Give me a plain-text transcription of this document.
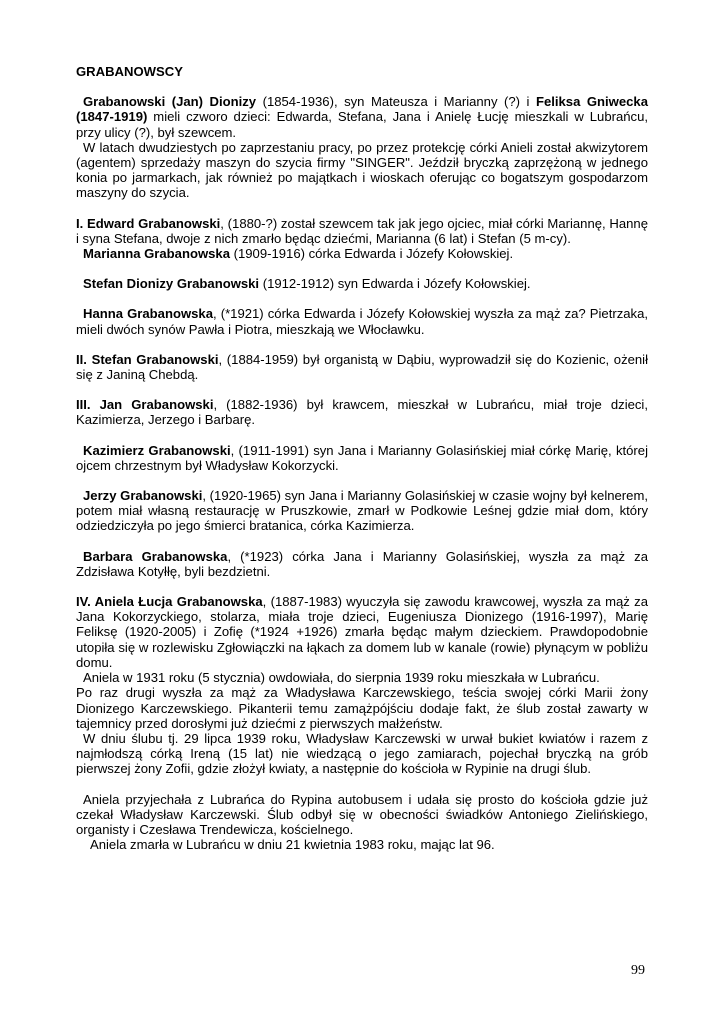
GRABANOWSCY

Grabanowski (Jan) Dionizy (1854-1936), syn Mateusza i Marianny (?) i Feliksa Gniwecka (1847-1919) mieli czworo dzieci: Edwarda, Stefana, Jana i Anielę Łucję mieszkali w Lubrańcu, przy ulicy (?), był szewcem.

W latach dwudziestych po zaprzestaniu pracy, po przez protekcję córki Anieli został akwizytorem (agentem) sprzedaży maszyn do szycia firmy "SINGER". Jeździł bryczką zaprzężoną w jednego konia po jarmarkach, jak również po majątkach i wioskach oferując co bogatszym gospodarzom maszyny do szycia.

I. Edward Grabanowski, (1880-?) został szewcem tak jak jego ojciec, miał córki Mariannę, Hannę i syna Stefana, dwoje z nich zmarło będąc dziećmi, Marianna (6 lat) i Stefan (5 m-cy).

Marianna Grabanowska (1909-1916) córka Edwarda i Józefy Kołowskiej.

Stefan Dionizy Grabanowski (1912-1912) syn Edwarda i Józefy Kołowskiej.

Hanna Grabanowska, (*1921) córka Edwarda i Józefy Kołowskiej wyszła za mąż za? Pietrzaka, mieli dwóch synów Pawła i Piotra, mieszkają we Włocławku.

II. Stefan Grabanowski, (1884-1959) był organistą w Dąbiu, wyprowadził się do Kozienic, ożenił się z Janiną Chebdą.

III. Jan Grabanowski, (1882-1936) był krawcem, mieszkał w Lubrańcu, miał troje dzieci, Kazimierza, Jerzego i Barbarę.

Kazimierz Grabanowski, (1911-1991) syn Jana i Marianny Golasińskiej miał córkę Marię, której ojcem chrzestnym był Władysław Kokorzycki.

Jerzy Grabanowski, (1920-1965) syn Jana i Marianny Golasińskiej w czasie wojny był kelnerem, potem miał własną restaurację w Pruszkowie, zmarł w Podkowie Leśnej gdzie miał dom, który odziedziczyła po jego śmierci bratanica, córka Kazimierza.

Barbara Grabanowska, (*1923) córka Jana i Marianny Golasińskiej, wyszła za mąż za Zdzisława Kotyłłę, byli bezdzietni.

IV. Aniela Łucja Grabanowska, (1887-1983) wyuczyła się zawodu krawcowej, wyszła za mąż za Jana Kokorzyckiego, stolarza, miała troje dzieci, Eugeniusza Dionizego (1916-1997), Marię Feliksę (1920-2005) i Zofię (*1924 +1926) zmarła będąc małym dzieckiem. Prawdopodobnie utopiła się w rozlewisku Zgłowiączki na łąkach za domem lub w kanale (rowie) płynącym w pobliżu domu.

Aniela w 1931 roku (5 stycznia) owdowiała, do sierpnia 1939 roku mieszkała w Lubrańcu.

Po raz drugi wyszła za mąż za Władysława Karczewskiego, teścia swojej córki Marii żony Dionizego Karczewskiego. Pikanterii temu zamążpójściu dodaje fakt, że ślub został zawarty w tajemnicy przed dorosłymi już dziećmi z pierwszych małżeństw.

W dniu ślubu tj. 29 lipca 1939 roku, Władysław Karczewski w urwał bukiet kwiatów i razem z najmłodszą córką Ireną (15 lat) nie wiedzącą o jego zamiarach, pojechał bryczką na grób pierwszej żony Zofii, gdzie złożył kwiaty, a następnie do kościoła w Rypinie na drugi ślub.

Aniela przyjechała z Lubrańca do Rypina autobusem i udała się prosto do kościoła gdzie już czekał Władysław Karczewski. Ślub odbył się w obecności świadków Antoniego Zielińskiego, organisty i Czesława Trendewicza, kościelnego.

Aniela zmarła w Lubrańcu w dniu 21 kwietnia 1983 roku, mając lat 96.

99
